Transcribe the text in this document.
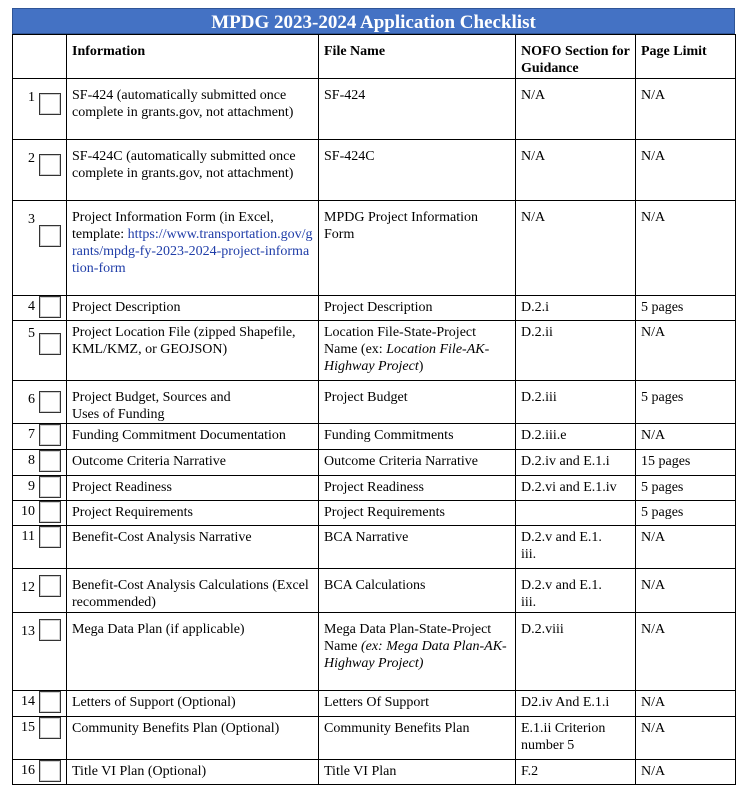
MPDG 2023-2024 Application Checklist
	Information	File Name	NOFO Section for Guidance	Page Limit

1	SF-424 (automatically submitted once complete in grants.gov, not attachment)	SF-424	N/A	N/A

2	SF-424C (automatically submitted once complete in grants.gov, not attachment)	SF-424C	N/A	N/A

3	Project Information Form (in Excel, template: https://www.transportation.gov/grants/mpdg-fy-2023-2024-project-information-form	MPDG Project Information Form	N/A	N/A

4	Project Description	Project Description	D.2.i	5 pages

5	Project Location File (zipped Shapefile, KML/KMZ, or GEOJSON)	Location File-State-Project Name (ex: Location File-AK-Highway Project)	D.2.ii	N/A

6	Project Budget, Sources and Uses of Funding	Project Budget	D.2.iii	5 pages

7	Funding Commitment Documentation	Funding Commitments	D.2.iii.e	N/A

8	Outcome Criteria Narrative	Outcome Criteria Narrative	D.2.iv and E.1.i	15 pages

9	Project Readiness	Project Readiness	D.2.vi and E.1.iv	5 pages

10	Project Requirements	Project Requirements		5 pages

11	Benefit-Cost Analysis Narrative	BCA Narrative	D.2.v and E.1. iii.	N/A

12	Benefit-Cost Analysis Calculations (Excel recommended)	BCA Calculations	D.2.v and E.1. iii.	N/A

13	Mega Data Plan (if applicable)	Mega Data Plan-State-Project Name (ex: Mega Data Plan-AK-Highway Project)	D.2.viii	N/A

14	Letters of Support (Optional)	Letters Of Support	D2.iv And E.1.i	N/A

15	Community Benefits Plan (Optional)	Community Benefits Plan	E.1.ii Criterion number 5	N/A

16	Title VI Plan (Optional)	Title VI Plan	F.2	N/A
